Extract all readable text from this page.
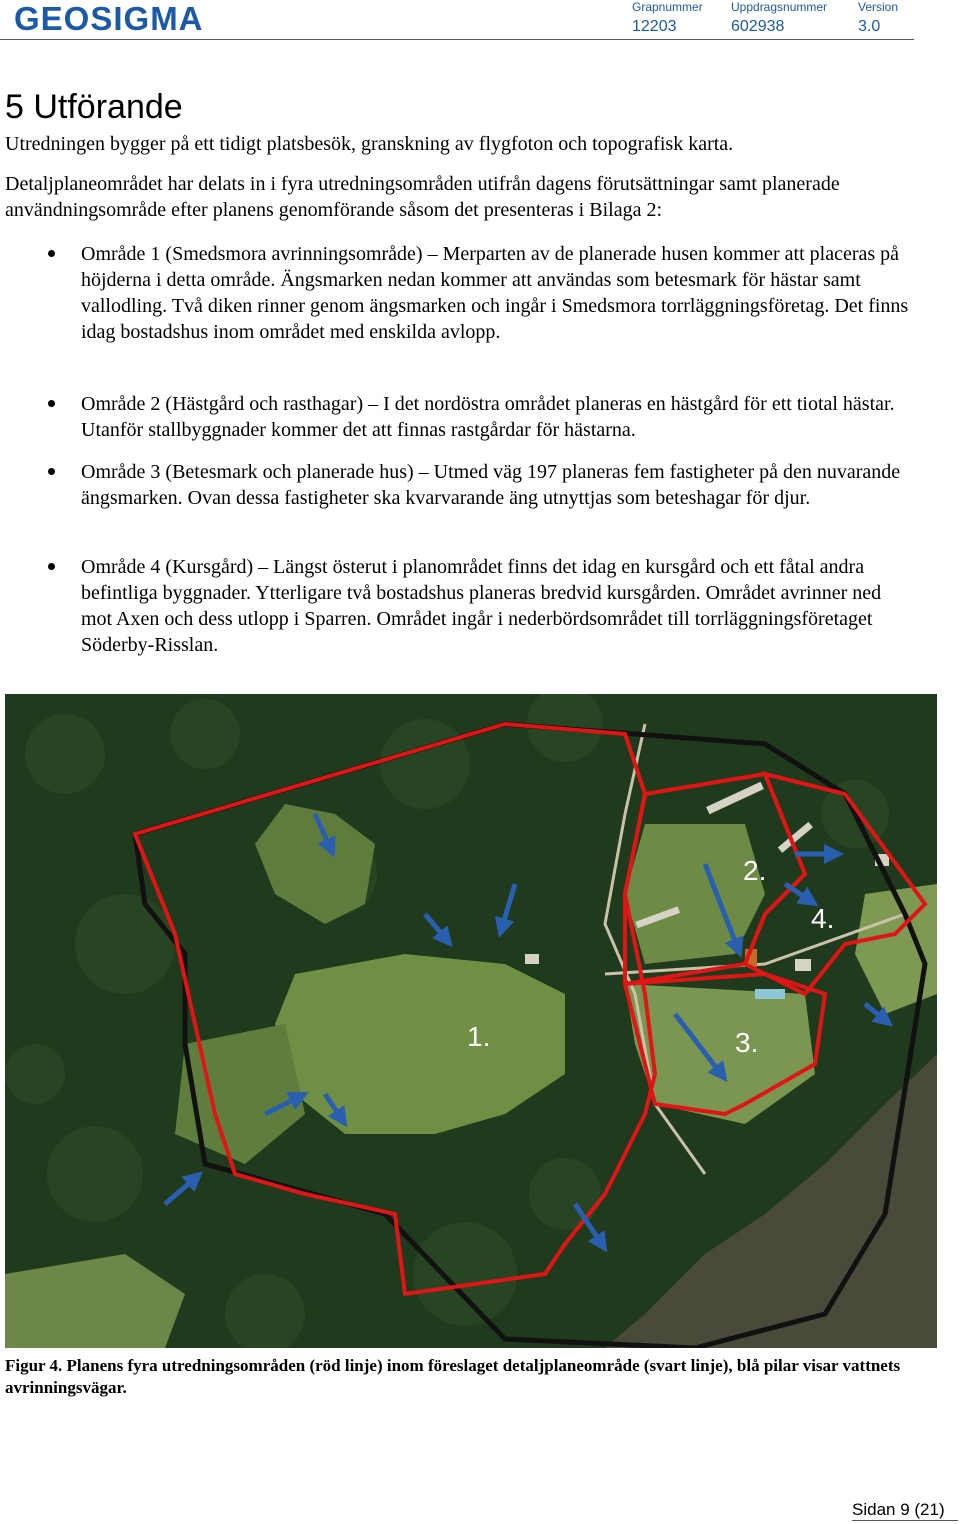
GEOSIGMA	Grapnummer
12203
Uppdragsnummer
602938
Version
3.0
5 Utförande
Utredningen bygger på ett tidigt platsbesök, granskning av flygfoton och topografisk karta.
Detaljplaneområdet har delats in i fyra utredningsområden utifrån dagens förutsättningar samt planerade användningsområde efter planens genomförande såsom det presenteras i Bilaga 2:
Område 1 (Smedsmora avrinningsområde) – Merparten av de planerade husen kommer att placeras på höjderna i detta område. Ängsmarken nedan kommer att användas som betesmark för hästar samt vallodling. Två diken rinner genom ängsmarken och ingår i Smedsmora torrläggningsföretag. Det finns idag bostadshus inom området med enskilda avlopp.
Område 2 (Hästgård och rasthagar) – I det nordöstra området planeras en hästgård för ett tiotal hästar. Utanför stallbyggnader kommer det att finnas rastgårdar för hästarna.
Område 3 (Betesmark och planerade hus) – Utmed väg 197 planeras fem fastigheter på den nuvarande ängsmarken. Ovan dessa fastigheter ska kvarvarande äng utnyttjas som beteshagar för djur.
Område 4 (Kursgård) – Längst österut i planområdet finns det idag en kursgård och ett fåtal andra befintliga byggnader. Ytterligare två bostadshus planeras bredvid kursgården. Området avrinner ned mot Axen och dess utlopp i Sparren. Området ingår i nederbördsområdet till torrläggningsföretaget Söderby-Risslan.
1.
2.
3.
4.
Figur 4. Planens fyra utredningsområden (röd linje) inom föreslaget detaljplaneområde (svart linje), blå pilar visar vattnets avrinningsvägar.
Sidan 9 (21)
